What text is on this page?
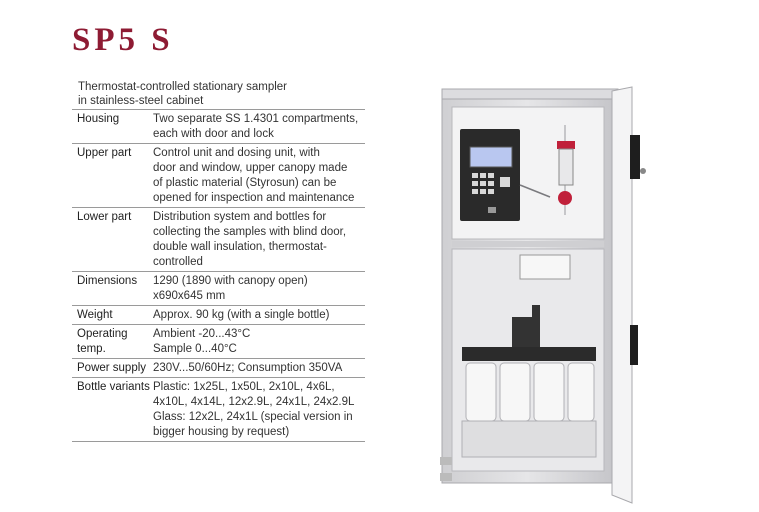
SP5 S
Thermostat-controlled stationary sampler
in stainless-steel cabinet
Housing	Two separate SS 1.4301 compartments,
each with door and lock

Upper part	Control unit and dosing unit, with
door and window, upper canopy made
of plastic material (Styrosun) can be
opened for inspection and maintenance

Lower part	Distribution system and bottles for
collecting the samples with blind door,
double wall insulation, thermostat-
controlled

Dimensions	1290 (1890 with canopy open)
x690x645 mm

Weight	Approx. 90 kg (with a single bottle)

Operating temp.	Ambient -20...43°C
Sample 0...40°C

Power supply	230V...50/60Hz; Consumption 350VA

Bottle variants	Plastic: 1x25L, 1x50L, 2x10L, 4x6L,
4x10L, 4x14L, 12x2.9L, 24x1L, 24x2.9L
Glass: 12x2L, 24x1L (special version in
bigger housing by request)
